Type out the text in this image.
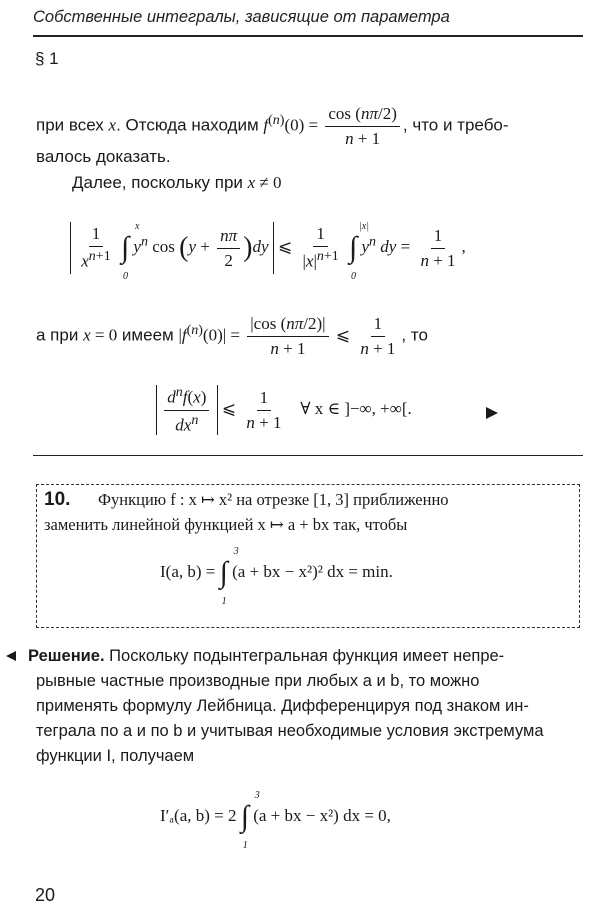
Собственные интегралы, зависящие от параметра
§ 1
при всех x. Отсюда находим $f^{(n)}(0) = \frac{\cos (n\pi/2)}{n + 1}$ , что и требо-
валось доказать.
Далее, поскольку при x ≠ 0

$\frac{1}{x^{n+1}}$ ∫
x
0
$y^n$ $\cos (y + \frac{n\pi}{2} )dy$  ⩽ $\frac{1}{|x|^{n+1}}$ ∫
|x|
0
$y^n$ dy = $\frac{1}{n + 1}$ ,
а при x = 0 имеем $|f^{(n)}(0)| = \frac{|\cos (n\pi/2)|}{n + 1}$ ⩽ $\frac{1}{n + 1}$ , то

$\frac{d^nf(x)}{dx^n}$ ⩽ $\frac{1}{n + 1}$ ∀ x ∈ ]−∞, +∞[.
10. Функцию f : x ↦ x² на отрезке [1, 3] приближенно
заменить линейной функцией x ↦ a + bx так, чтобы
I(a, b) = ∫
3
1
(a + bx − x²)² dx = min.
Решение. Поскольку подынтегральная функция имеет непре-
рывные частные производные при любых a и b, то можно
применять формулу Лейбница. Дифференцируя под знаком ин-
теграла по a и по b и учитывая необходимые условия экстремума
функции I, получаем
I′ₐ(a, b) = 2 ∫
3
1
(a + bx − x²) dx = 0,
20
